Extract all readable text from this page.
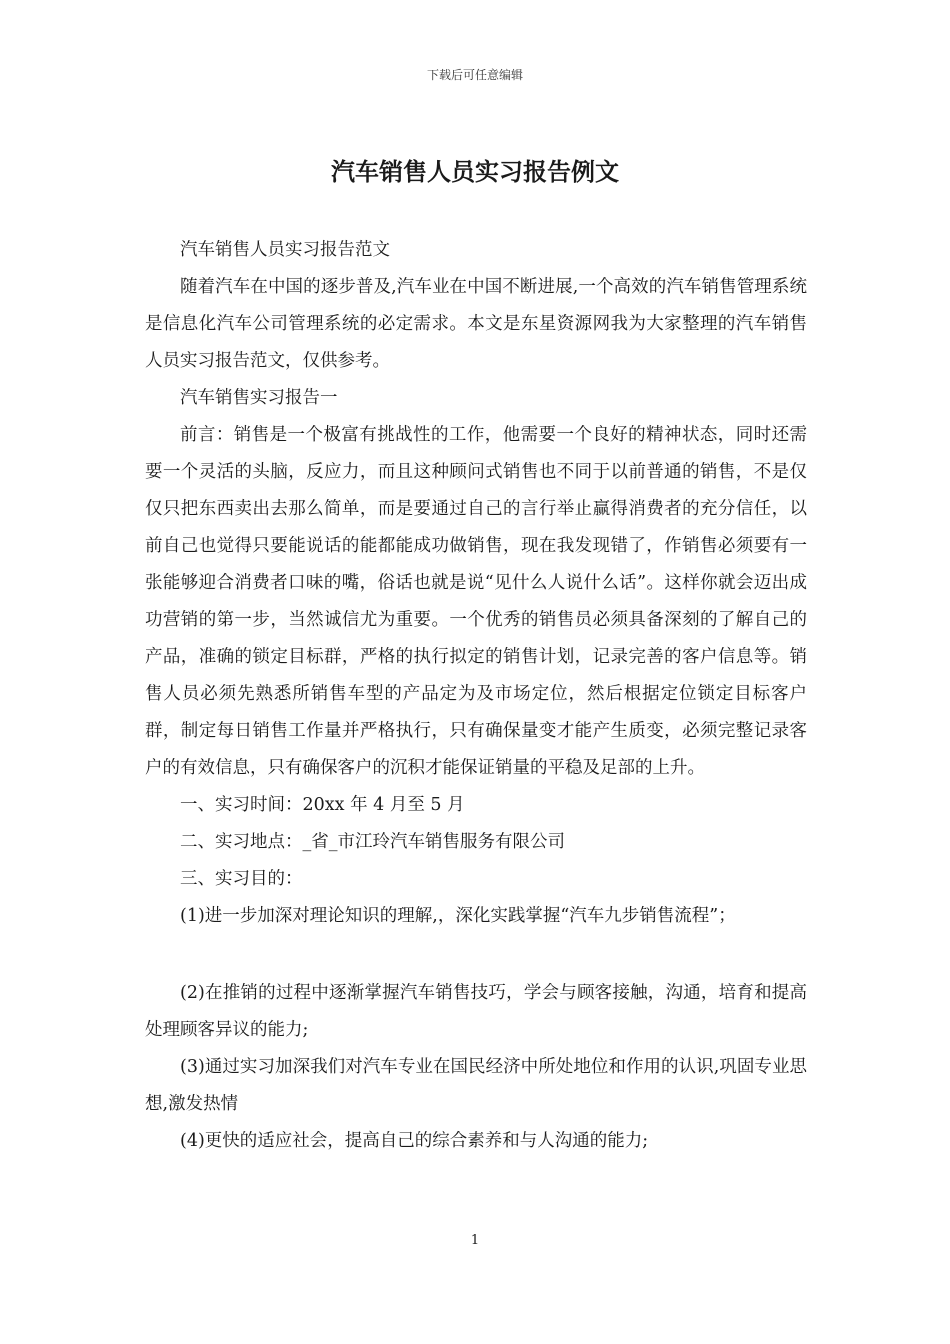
下载后可任意编辑
汽车销售人员实习报告例文

汽车销售人员实习报告范文

随着汽车在中国的逐步普及,汽车业在中国不断进展,一个高效的汽车销售管理系统是信息化汽车公司管理系统的必定需求。本文是东星资源网我为大家整理的汽车销售人员实习报告范文，仅供参考。

汽车销售实习报告一

前言：销售是一个极富有挑战性的工作，他需要一个良好的精神状态，同时还需要一个灵活的头脑，反应力，而且这种顾问式销售也不同于以前普通的销售，不是仅仅只把东西卖出去那么简单，而是要通过自己的言行举止赢得消费者的充分信任，以前自己也觉得只要能说话的能都能成功做销售，现在我发现错了，作销售必须要有一张能够迎合消费者口味的嘴，俗话也就是说“见什么人说什么话”。这样你就会迈出成功营销的第一步，当然诚信尤为重要。一个优秀的销售员必须具备深刻的了解自己的产品，准确的锁定目标群，严格的执行拟定的销售计划，记录完善的客户信息等。销售人员必须先熟悉所销售车型的产品定为及市场定位，然后根据定位锁定目标客户群，制定每日销售工作量并严格执行，只有确保量变才能产生质变，必须完整记录客户的有效信息，只有确保客户的沉积才能保证销量的平稳及足部的上升。

一、实习时间：20xx 年 4 月至 5 月

二、实习地点：_省_市江玲汽车销售服务有限公司

三、实习目的：

(1)进一步加深对理论知识的理解,，深化实践掌握“汽车九步销售流程”；

(2)在推销的过程中逐渐掌握汽车销售技巧，学会与顾客接触，沟通，培育和提高处理顾客异议的能力;

(3)通过实习加深我们对汽车专业在国民经济中所处地位和作用的认识,巩固专业思想,激发热情

(4)更快的适应社会，提高自己的综合素养和与人沟通的能力;

1
